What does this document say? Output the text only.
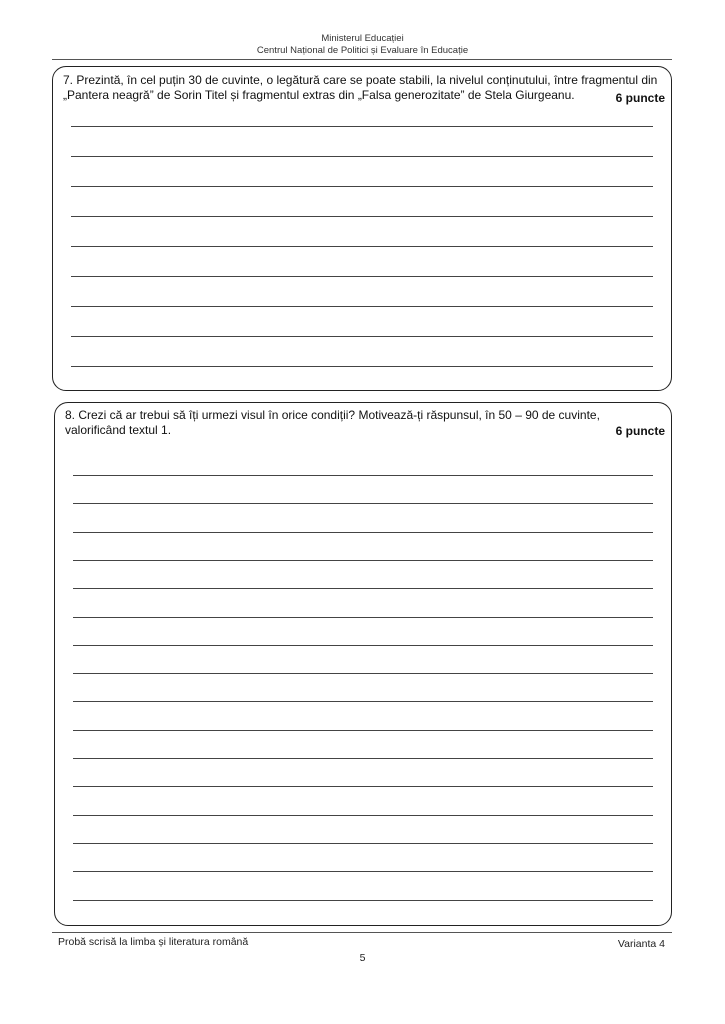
Ministerul Educației
Centrul Național de Politici și Evaluare în Educație

7. Prezintă, în cel puțin 30 de cuvinte, o legătură care se poate stabili, la nivelul conținutului, între fragmentul din

„Pantera neagră” de Sorin Titel și fragmentul extras din „Falsa generozitate” de Stela Giurgeanu.	6 puncte

8. Crezi că ar trebui să îți urmezi visul în orice condiții? Motivează-ți răspunsul, în 50 – 90 de cuvinte,

valorificând textul 1.	6 puncte
Probă scrisă la limba și literatura română	Varianta 4
5
